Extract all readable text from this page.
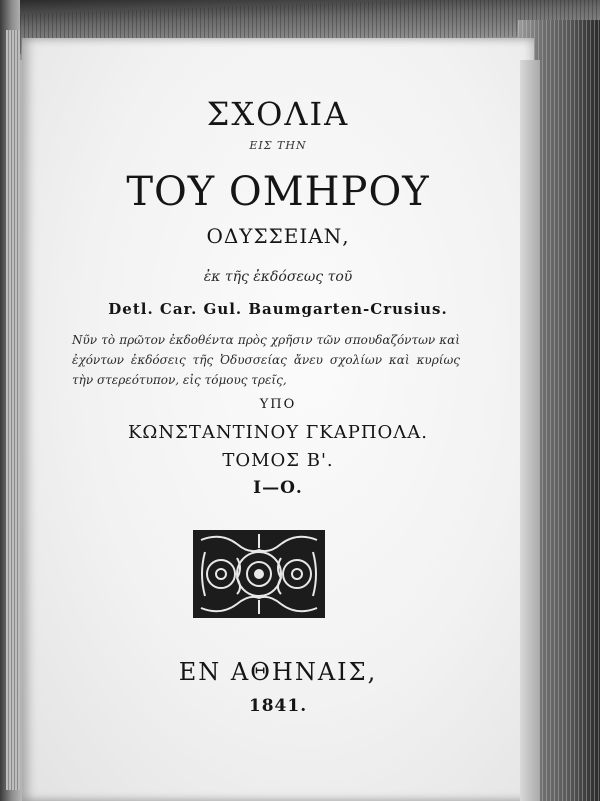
ΣΧΟΛΙΑ
ΕΙΣ ΤΗΝ
ΤΟΥ ΟΜΗΡΟΥ
ΟΔΥΣΣΕΙΑΝ,
ἐκ τῆς ἐκδόσεως τοῦ
Detl. Car. Gul. Baumgarten-Crusius.
Νῦν τὸ πρῶτον ἐκδοθέντα πρὸς χρῆσιν τῶν σπουδαζόντων καὶ ἐχόντων ἐκδόσεις τῆς Ὀδυσσείας ἄνευ σχολίων καὶ κυρίως τὴν στερεότυπον, εἰς τόμους τρεῖς,
ΥΠΟ
ΚΩΝΣΤΑΝΤΙΝΟΥ ΓΚΑΡΠΟΛΑ.
ΤΟΜΟΣ Β'.
Ι—Ο.
ΕΝ ΑΘΗΝΑΙΣ,
1841.
